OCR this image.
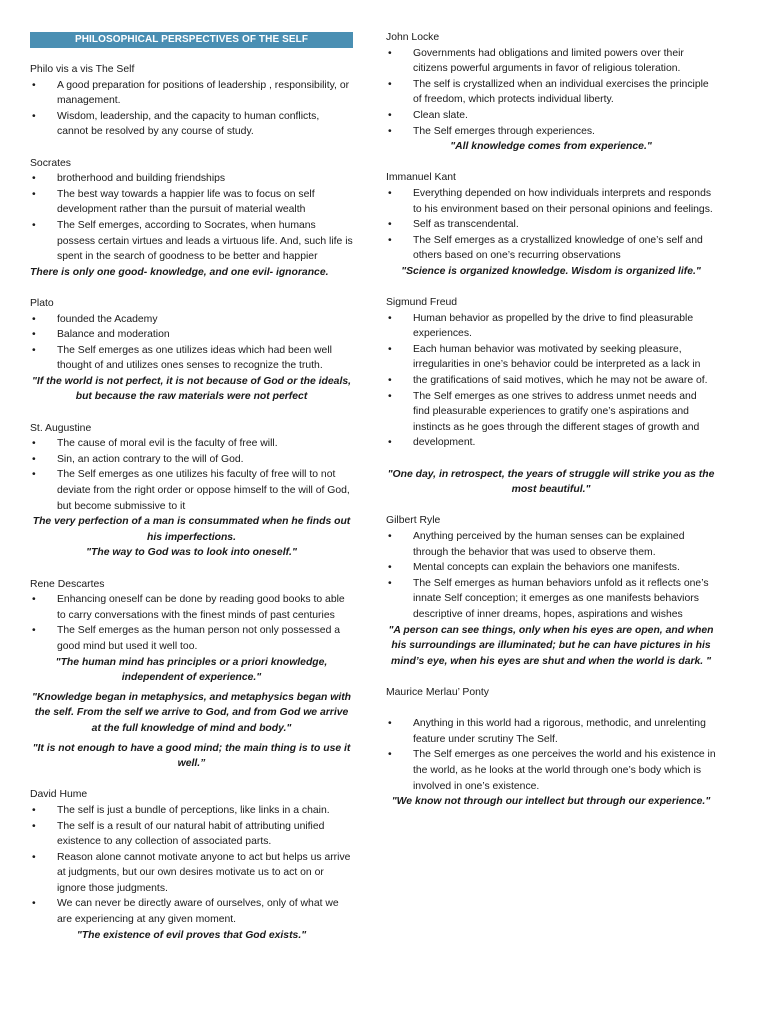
PHILOSOPHICAL PERSPECTIVES OF THE SELF
Philo vis a vis The Self
• A good preparation for positions of leadership , responsibility, or management.
• Wisdom, leadership, and the capacity to human conflicts, cannot be resolved by any course of study.
Socrates
• brotherhood and building friendships
• The best way towards a happier life was to focus on self development rather than the pursuit of material wealth
• The Self emerges, according to Socrates, when humans possess certain virtues and leads a virtuous life. And, such life is spent in the search of goodness to be better and happier
There is only one good- knowledge, and one evil- ignorance.
Plato
• founded the Academy
• Balance and moderation
• The Self emerges as one utilizes ideas which had been well thought of and utilizes ones senses to recognize the truth.
"If the world is not perfect, it is not because of God or the ideals, but because the raw materials were not perfect
St. Augustine
• The cause of moral evil is the faculty of free will.
• Sin, an action contrary to the will of God.
• The Self emerges as one utilizes his faculty of free will to not deviate from the right order or oppose himself to the will of God, but become submissive to it
The very perfection of a man is consummated when he finds out his imperfections.
"The way to God was to look into oneself."
Rene Descartes
• Enhancing oneself can be done by reading good books to able to carry conversations with the finest minds of past centuries
• The Self emerges as the human person not only possessed a good mind but used it well too.
"The human mind has principles or a priori knowledge, independent of experience."
"Knowledge began in metaphysics, and metaphysics began with the self. From the self we arrive to God, and from God we arrive at the full knowledge of mind and body."
"It is not enough to have a good mind; the main thing is to use it well.”
David Hume
• The self is just a bundle of perceptions, like links in a chain.
• The self is a result of our natural habit of attributing unified existence to any collection of associated parts.
• Reason alone cannot motivate anyone to act but helps us arrive at judgments, but our own desires motivate us to act on or ignore those judgments.
• We can never be directly aware of ourselves, only of what we are experiencing at any given moment.
"The existence of evil proves that God exists."
John Locke
• Governments had obligations and limited powers over their citizens powerful arguments in favor of religious toleration.
• The self is crystallized when an individual exercises the principle of freedom, which protects individual liberty.
• Clean slate.
• The Self emerges through experiences.
"All knowledge comes from experience."
Immanuel Kant
• Everything depended on how individuals interprets and responds to his environment based on their personal opinions and feelings.
• Self as transcendental.
• The Self emerges as a crystallized knowledge of one’s self and others based on one’s recurring observations
"Science is organized knowledge. Wisdom is organized life."
Sigmund Freud
• Human behavior as propelled by the drive to find pleasurable experiences.
• Each human behavior was motivated by seeking pleasure, irregularities in one’s behavior could be interpreted as a lack in
• the gratifications of said motives, which he may not be aware of.
• The Self emerges as one strives to address unmet needs and find pleasurable experiences to gratify one’s aspirations and instincts as he goes through the different stages of growth and
• development.
"One day, in retrospect, the years of struggle will strike you as the most beautiful."
Gilbert Ryle
• Anything perceived by the human senses can be explained through the behavior that was used to observe them.
• Mental concepts can explain the behaviors one manifests.
• The Self emerges as human behaviors unfold as it reflects one’s innate Self conception; it emerges as one manifests behaviors descriptive of inner dreams, hopes, aspirations and wishes
"A person can see things, only when his eyes are open, and when his surroundings are illuminated; but he can have pictures in his mind’s eye, when his eyes are shut and when the world is dark. "
Maurice Merlau’ Ponty
• Anything in this world had a rigorous, methodic, and unrelenting feature under scrutiny The Self.
• The Self emerges as one perceives the world and his existence in the world, as he looks at the world through one’s body which is involved in one’s existence.
"We know not through our intellect but through our experience."
